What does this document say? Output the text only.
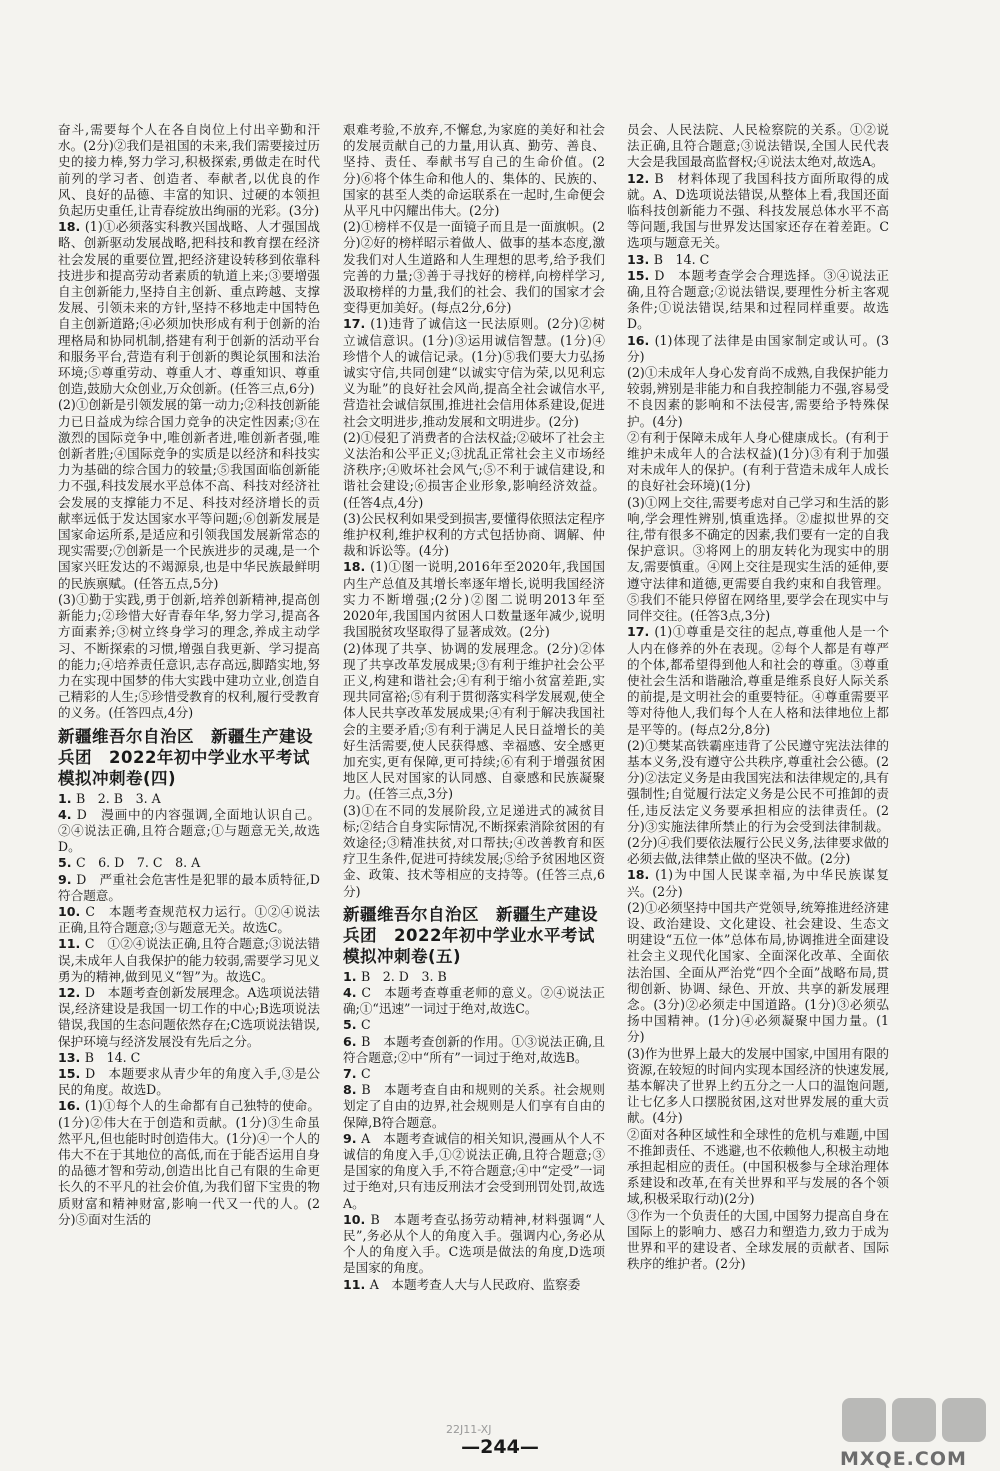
奋斗,需要每个人在各自岗位上付出辛勤和汗水。(2分)②我们是祖国的未来,我们需要接过历史的接力棒,努力学习,积极探索,勇做走在时代前列的学习者、创造者、奉献者,以优良的作风、良好的品德、丰富的知识、过硬的本领担负起历史重任,让青春绽放出绚丽的光彩。(3分)

18. (1)①必须落实科教兴国战略、人才强国战略、创新驱动发展战略,把科技和教育摆在经济社会发展的重要位置,把经济建设转移到依靠科技进步和提高劳动者素质的轨道上来;③要增强自主创新能力,坚持自主创新、重点跨越、支撑发展、引领未来的方针,坚持不移地走中国特色自主创新道路;④必须加快形成有利于创新的治理格局和协同机制,搭建有利于创新的活动平台和服务平台,营造有利于创新的舆论氛围和法治环境;⑤尊重劳动、尊重人才、尊重知识、尊重创造,鼓励大众创业,万众创新。(任答三点,6分)

(2)①创新是引领发展的第一动力;②科技创新能力已日益成为综合国力竞争的决定性因素;③在激烈的国际竞争中,唯创新者进,唯创新者强,唯创新者胜;④国际竞争的实质是以经济和科技实力为基础的综合国力的较量;⑤我国面临创新能力不强,科技发展水平总体不高、科技对经济社会发展的支撑能力不足、科技对经济增长的贡献率远低于发达国家水平等问题;⑥创新发展是国家命运所系,是适应和引领我国发展新常态的现实需要;⑦创新是一个民族进步的灵魂,是一个国家兴旺发达的不竭源泉,也是中华民族最鲜明的民族禀赋。(任答五点,5分)

(3)①勤于实践,勇于创新,培养创新精神,提高创新能力;②珍惜大好青春年华,努力学习,提高各方面素养;③树立终身学习的理念,养成主动学习、不断探索的习惯,增强自我更新、学习提高的能力;④培养责任意识,志存高远,脚踏实地,努力在实现中国梦的伟大实践中建功立业,创造自己精彩的人生;⑤珍惜受教育的权利,履行受教育的义务。(任答四点,4分)

新疆维吾尔自治区　新疆生产建设兵团　2022年初中学业水平考试模拟冲刺卷(四)

1. B　2. B　3. A

4. D　漫画中的内容强调,全面地认识自己。②④说法正确,且符合题意;①与题意无关,故选D。

5. C　6. D　7. C　8. A

9. D　严重社会危害性是犯罪的最本质特征,D符合题意。

10. C　本题考查规范权力运行。①②④说法正确,且符合题意;③与题意无关。故选C。

11. C　①②④说法正确,且符合题意;③说法错误,未成年人自我保护的能力较弱,需要学习见义勇为的精神,做到见义“智”为。故选C。

12. D　本题考查创新发展理念。A选项说法错误,经济建设是我国一切工作的中心;B选项说法错误,我国的生态问题依然存在;C选项说法错误,保护环境与经济发展没有先后之分。

13. B　14. C

15. D　本题要求从青少年的角度入手,③是公民的角度。故选D。

16. (1)①每个人的生命都有自己独特的使命。(1分)②伟大在于创造和贡献。(1分)③生命虽然平凡,但也能时时创造伟大。(1分)④一个人的伟大不在于其地位的高低,而在于能否运用自身的品德才智和劳动,创造出比自己有限的生命更长久的不平凡的社会价值,为我们留下宝贵的物质财富和精神财富,影响一代又一代的人。(2分)⑤面对生活的

艰难考验,不放弃,不懈怠,为家庭的美好和社会的发展贡献自己的力量,用认真、勤劳、善良、坚持、责任、奉献书写自己的生命价值。(2分)⑥将个体生命和他人的、集体的、民族的、国家的甚至人类的命运联系在一起时,生命便会从平凡中闪耀出伟大。(2分)

(2)①榜样不仅是一面镜子而且是一面旗帜。(2分)②好的榜样昭示着做人、做事的基本态度,激发我们对人生道路和人生理想的思考,给予我们完善的力量;③善于寻找好的榜样,向榜样学习,汲取榜样的力量,我们的社会、我们的国家才会变得更加美好。(每点2分,6分)

17. (1)违背了诚信这一民法原则。(2分)②树立诚信意识。(1分)③运用诚信智慧。(1分)④珍惜个人的诚信记录。(1分)⑤我们要大力弘扬诚实守信,共同创建“以诚实守信为荣,以见利忘义为耻”的良好社会风尚,提高全社会诚信水平,营造社会诚信氛围,推进社会信用体系建设,促进社会文明进步,推动发展和文明进步。(2分)

(2)①侵犯了消费者的合法权益;②破坏了社会主义法治和公平正义;③扰乱正常社会主义市场经济秩序;④败坏社会风气;⑤不利于诚信建设,和谐社会建设;⑥损害企业形象,影响经济效益。(任答4点,4分)

(3)公民权利如果受到损害,要懂得依照法定程序维护权利,维护权利的方式包括协商、调解、仲裁和诉讼等。(4分)

18. (1)①图一说明,2016年至2020年,我国国内生产总值及其增长率逐年增长,说明我国经济实力不断增强;(2分)②图二说明2013年至2020年,我国国内贫困人口数量逐年减少,说明我国脱贫攻坚取得了显著成效。(2分)

(2)体现了共享、协调的发展理念。(2分)②体现了共享改革发展成果;③有利于维护社会公平正义,构建和谐社会;④有利于缩小贫富差距,实现共同富裕;⑤有利于贯彻落实科学发展观,使全体人民共享改革发展成果;④有利于解决我国社会的主要矛盾;⑤有利于满足人民日益增长的美好生活需要,使人民获得感、幸福感、安全感更加充实,更有保障,更可持续;⑥有利于增强贫困地区人民对国家的认同感、自豪感和民族凝聚力。(任答三点,3分)

(3)①在不同的发展阶段,立足递进式的减贫目标;②结合自身实际情况,不断探索消除贫困的有效途径;③精准扶贫,对口帮扶;④改善教育和医疗卫生条件,促进可持续发展;⑤给予贫困地区资金、政策、技术等相应的支持等。(任答三点,6分)

新疆维吾尔自治区　新疆生产建设兵团　2022年初中学业水平考试模拟冲刺卷(五)

1. B　2. D　3. B

4. C　本题考查尊重老师的意义。②④说法正确;①“迅速”一词过于绝对,故选C。

5. C

6. B　本题考查创新的作用。①③说法正确,且符合题意;②中“所有”一词过于绝对,故选B。

7. C

8. B　本题考查自由和规则的关系。社会规则划定了自由的边界,社会规则是人们享有自由的保障,B符合题意。

9. A　本题考查诚信的相关知识,漫画从个人不诚信的角度入手,①②说法正确,且符合题意;③是国家的角度入手,不符合题意;④中“定受”一词过于绝对,只有违反刑法才会受到刑罚处罚,故选A。

10. B　本题考查弘扬劳动精神,材料强调“人民”,务必从个人的角度入手。强调内心,务必从个人的角度入手。C选项是做法的角度,D选项是国家的角度。

11. A　本题考查人大与人民政府、监察委

员会、人民法院、人民检察院的关系。①②说法正确,且符合题意;③说法错误,全国人民代表大会是我国最高监督权;④说法太绝对,故选A。

12. B　材料体现了我国科技方面所取得的成就。A、D选项说法错误,从整体上看,我国还面临科技创新能力不强、科技发展总体水平不高等问题,我国与世界发达国家还存在着差距。C选项与题意无关。

13. B　14. C

15. D　本题考查学会合理选择。③④说法正确,且符合题意;②说法错误,要理性分析主客观条件;①说法错误,结果和过程同样重要。故选D。

16. (1)体现了法律是由国家制定或认可。(3分)

(2)①未成年人身心发育尚不成熟,自我保护能力较弱,辨别是非能力和自我控制能力不强,容易受不良因素的影响和不法侵害,需要给予特殊保护。(4分)

②有利于保障未成年人身心健康成长。(有利于维护未成年人的合法权益)(1分)③有利于加强对未成年人的保护。(有利于营造未成年人成长的良好社会环境)(1分)

(3)①网上交往,需要考虑对自己学习和生活的影响,学会理性辨别,慎重选择。②虚拟世界的交往,带有很多不确定的因素,我们要有一定的自我保护意识。③将网上的朋友转化为现实中的朋友,需要慎重。④网上交往是现实生活的延伸,要遵守法律和道德,更需要自我约束和自我管理。⑤我们不能只停留在网络里,要学会在现实中与同伴交往。(任答3点,3分)

17. (1)①尊重是交往的起点,尊重他人是一个人内在修养的外在表现。②每个人都是有尊严的个体,都希望得到他人和社会的尊重。③尊重使社会生活和谐融洽,尊重是维系良好人际关系的前提,是文明社会的重要特征。④尊重需要平等对待他人,我们每个人在人格和法律地位上都是平等的。(每点2分,8分)

(2)①樊某高铁霸座违背了公民遵守宪法法律的基本义务,没有遵守公共秩序,尊重社会公德。(2分)②法定义务是由我国宪法和法律规定的,具有强制性;自觉履行法定义务是公民不可推卸的责任,违反法定义务要承担相应的法律责任。(2分)③实施法律所禁止的行为会受到法律制裁。(2分)④我们要依法履行公民义务,法律要求做的必须去做,法律禁止做的坚决不做。(2分)

18. (1)为中国人民谋幸福,为中华民族谋复兴。(2分)

(2)①必须坚持中国共产党领导,统筹推进经济建设、政治建设、文化建设、社会建设、生态文明建设“五位一体”总体布局,协调推进全面建设社会主义现代化国家、全面深化改革、全面依法治国、全面从严治党“四个全面”战略布局,贯彻创新、协调、绿色、开放、共享的新发展理念。(3分)②必须走中国道路。(1分)③必须弘扬中国精神。(1分)④必须凝聚中国力量。(1分)

(3)作为世界上最大的发展中国家,中国用有限的资源,在较短的时间内实现本国经济的快速发展,基本解决了世界上约五分之一人口的温饱问题,让七亿多人口摆脱贫困,这对世界发展的重大贡献。(4分)

②面对各种区域性和全球性的危机与难题,中国不推卸责任、不逃避,也不依赖他人,积极主动地承担起相应的责任。(中国积极参与全球治理体系建设和改革,在有关世界和平与发展的各个领域,积极采取行动)(2分)

③作为一个负责任的大国,中国努力提高自身在国际上的影响力、感召力和塑造力,致力于成为世界和平的建设者、全球发展的贡献者、国际秩序的维护者。(2分)

22J11-XJ
—244—
MXQE.COM
